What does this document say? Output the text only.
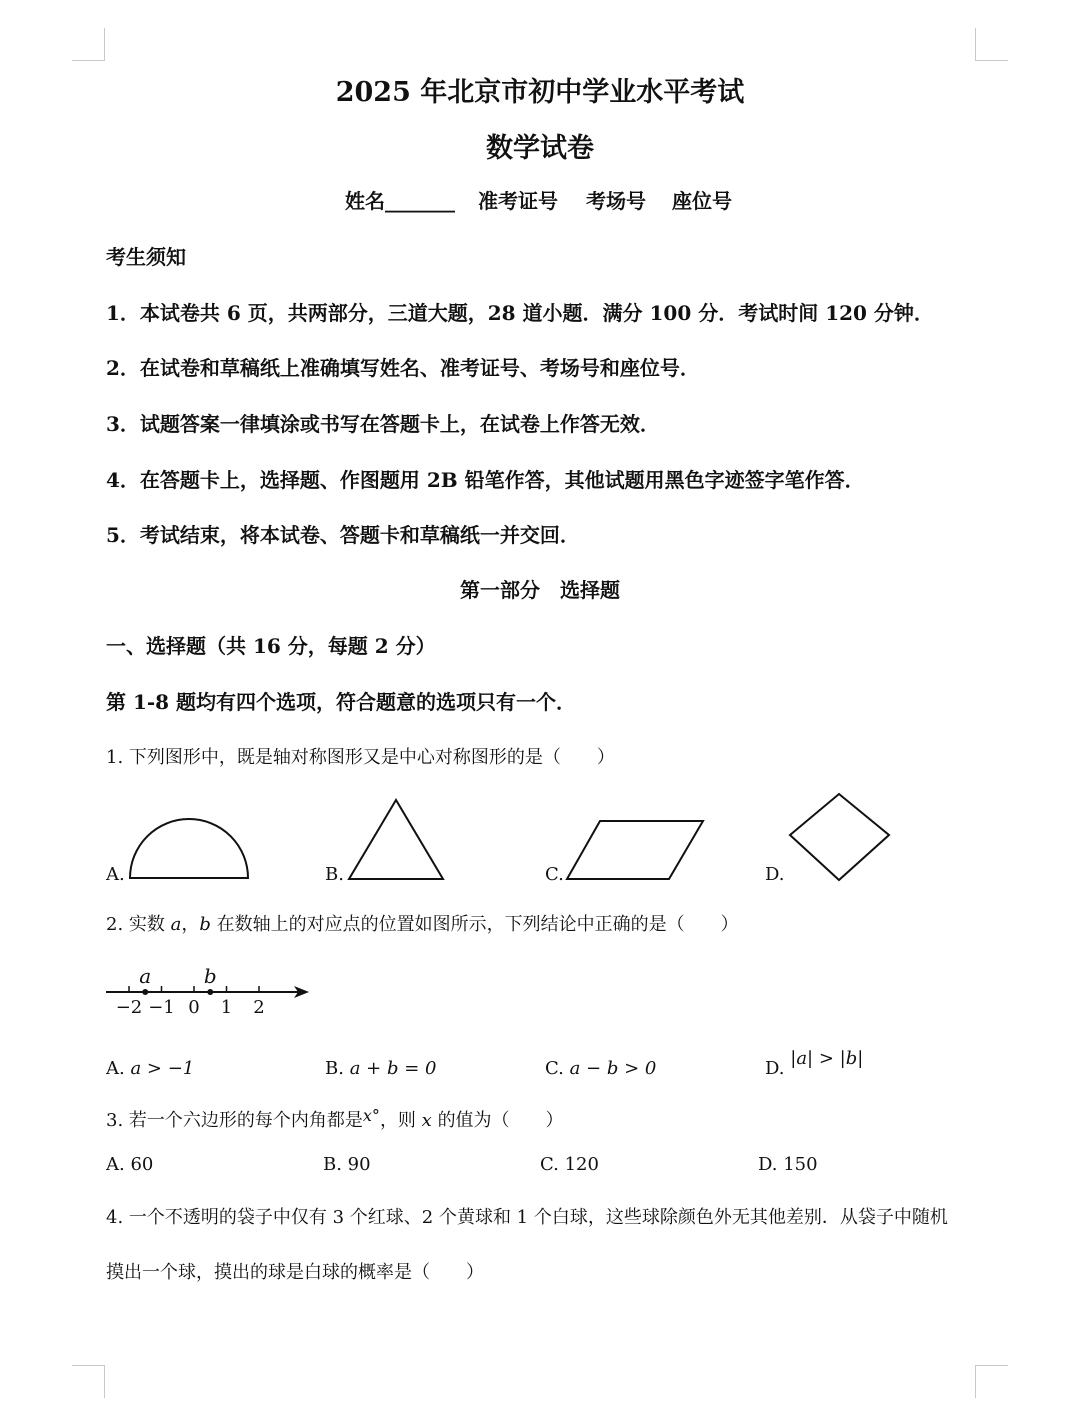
2025 年北京市初中学业水平考试
数学试卷
姓名_______ 准考证号 考场号 座位号
考生须知
1．本试卷共 6 页，共两部分，三道大题，28 道小题．满分 100 分．考试时间 120 分钟．
2．在试卷和草稿纸上准确填写姓名、准考证号、考场号和座位号．
3．试题答案一律填涂或书写在答题卡上，在试卷上作答无效．
4．在答题卡上，选择题、作图题用 2B 铅笔作答，其他试题用黑色字迹签字笔作答．
5．考试结束，将本试卷、答题卡和草稿纸一并交回．
第一部分　选择题
一、选择题（共 16 分，每题 2 分）
第 1-8 题均有四个选项，符合题意的选项只有一个．
1. 下列图形中，既是轴对称图形又是中心对称图形的是（　　）
A.	B.	C.	D.
2. 实数 a，b 在数轴上的对应点的位置如图所示，下列结论中正确的是（　　）
−2 −1 0 1 2
a	b
A. a > −1	B. a + b = 0	C. a − b > 0	D. |a| > |b|
3. 若一个六边形的每个内角都是x°，则 x 的值为（　　）
A. 60	B. 90	C. 120	D. 150
4. 一个不透明的袋子中仅有 3 个红球、2 个黄球和 1 个白球，这些球除颜色外无其他差别．从袋子中随机
摸出一个球，摸出的球是白球的概率是（　　）
